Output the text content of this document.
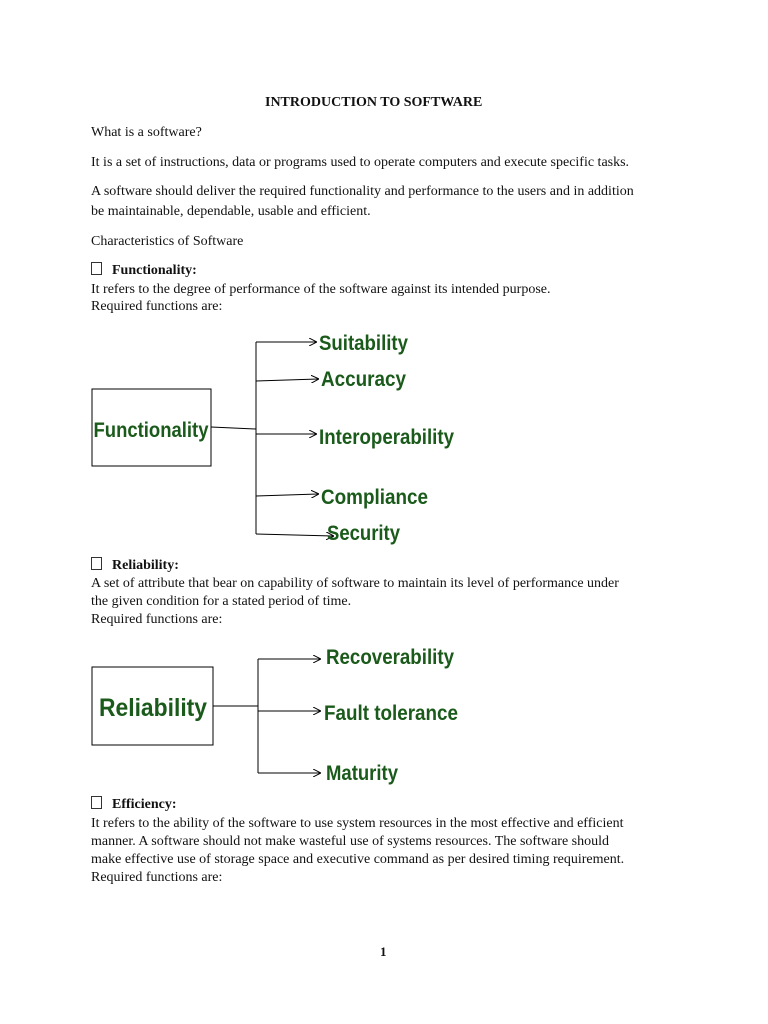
INTRODUCTION TO SOFTWARE
What is a software?
It is a set of instructions, data or programs used to operate computers and execute specific tasks.
A software should deliver the required functionality and performance to the users and in addition
be maintainable, dependable, usable and efficient.
Characteristics of Software
Functionality:
It refers to the degree of performance of the software against its intended purpose.
Required functions are:
Functionality
Suitability
Accuracy
Interoperability
Compliance
Security
Reliability:
A set of attribute that bear on capability of software to maintain its level of performance under
the given condition for a stated period of time.
Required functions are:
Reliability
Recoverability
Fault tolerance
Maturity
Efficiency:
It refers to the ability of the software to use system resources in the most effective and efficient
manner. A software should not make wasteful use of systems resources. The software should
make effective use of storage space and executive command as per desired timing requirement.
Required functions are:
1
